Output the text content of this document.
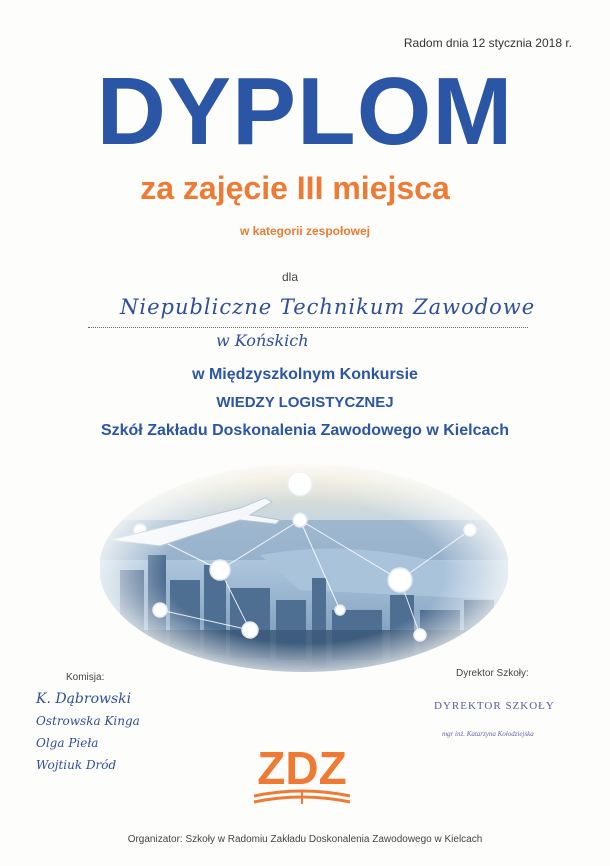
Radom dnia 12 stycznia 2018 r.
DYPLOM
za zajęcie III miejsca
w kategorii zespołowej
dla
Niepubliczne Technikum Zawodowe
w Końskich
w Międzyszkolnym Konkursie
WIEDZY LOGISTYCZNEJ
Szkół Zakładu Doskonalenia Zawodowego w Kielcach
Komisja:
K. Dąbrowski
Ostrowska Kinga
Olga Pieła
Wojtiuk Dród
Dyrektor Szkoły:
DYREKTOR SZKOŁY
mgr inż. Katarzyna Kołodziejska
ZDZ
Organizator: Szkoły w Radomiu Zakładu Doskonalenia Zawodowego w Kielcach
